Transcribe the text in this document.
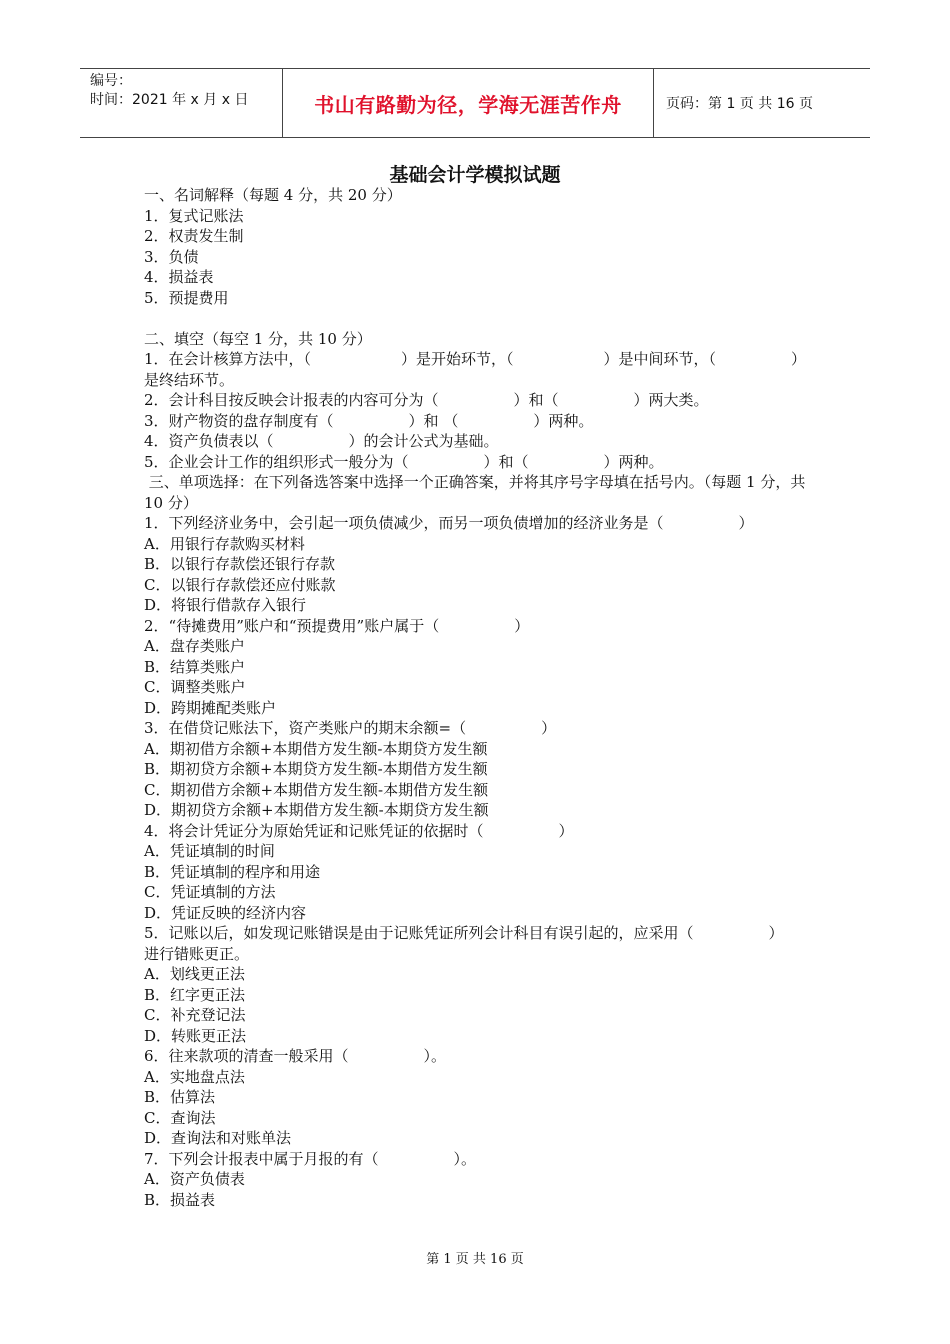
编号：
时间：2021 年 x 月 x 日	书山有路勤为径，学海无涯苦作舟	页码：第 1 页 共 16 页
基础会计学模拟试题
一、名词解释（每题 4 分，共 20 分）
1．复式记账法
2．权责发生制
3．负债
4．损益表
5．预提费用
二、填空（每空 1 分，共 10 分）
1．在会计核算方法中，（　　　　　　）是开始环节，（　　　　　　）是中间环节，（　　　　　）是终结环节。
2．会计科目按反映会计报表的内容可分为（　　　　　）和（　　　　　）两大类。
3．财产物资的盘存制度有（　　　　　）和 （　　　　　）两种。
4．资产负债表以（　　　　　）的会计公式为基础。
5．企业会计工作的组织形式一般分为（　　　　　）和（　　　　　）两种。
三、单项选择：在下列备选答案中选择一个正确答案，并将其序号字母填在括号内。（每题 1 分，共 10 分）
1．下列经济业务中，会引起一项负债减少，而另一项负债增加的经济业务是（　　　　　）
A．用银行存款购买材料
B．以银行存款偿还银行存款
C．以银行存款偿还应付账款
D．将银行借款存入银行
2．“待摊费用”账户和“预提费用”账户属于（　　　　　）
A．盘存类账户
B．结算类账户
C．调整类账户
D．跨期摊配类账户
3．在借贷记账法下，资产类账户的期末余额=（　　　　　）
A．期初借方余额+本期借方发生额-本期贷方发生额
B．期初贷方余额+本期贷方发生额-本期借方发生额
C．期初借方余额+本期借方发生额-本期借方发生额
D．期初贷方余额+本期借方发生额-本期贷方发生额
4．将会计凭证分为原始凭证和记账凭证的依据时（　　　　　）
A．凭证填制的时间
B．凭证填制的程序和用途
C．凭证填制的方法
D．凭证反映的经济内容
5．记账以后，如发现记账错误是由于记账凭证所列会计科目有误引起的，应采用（　　　　　）
进行错账更正。
A．划线更正法
B．红字更正法
C．补充登记法
D．转账更正法
6．往来款项的清查一般采用（　　　　　）。
A．实地盘点法
B．估算法
C．查询法
D．查询法和对账单法
7．下列会计报表中属于月报的有（　　　　　）。
A．资产负债表
B．损益表
第 1 页 共 16 页
